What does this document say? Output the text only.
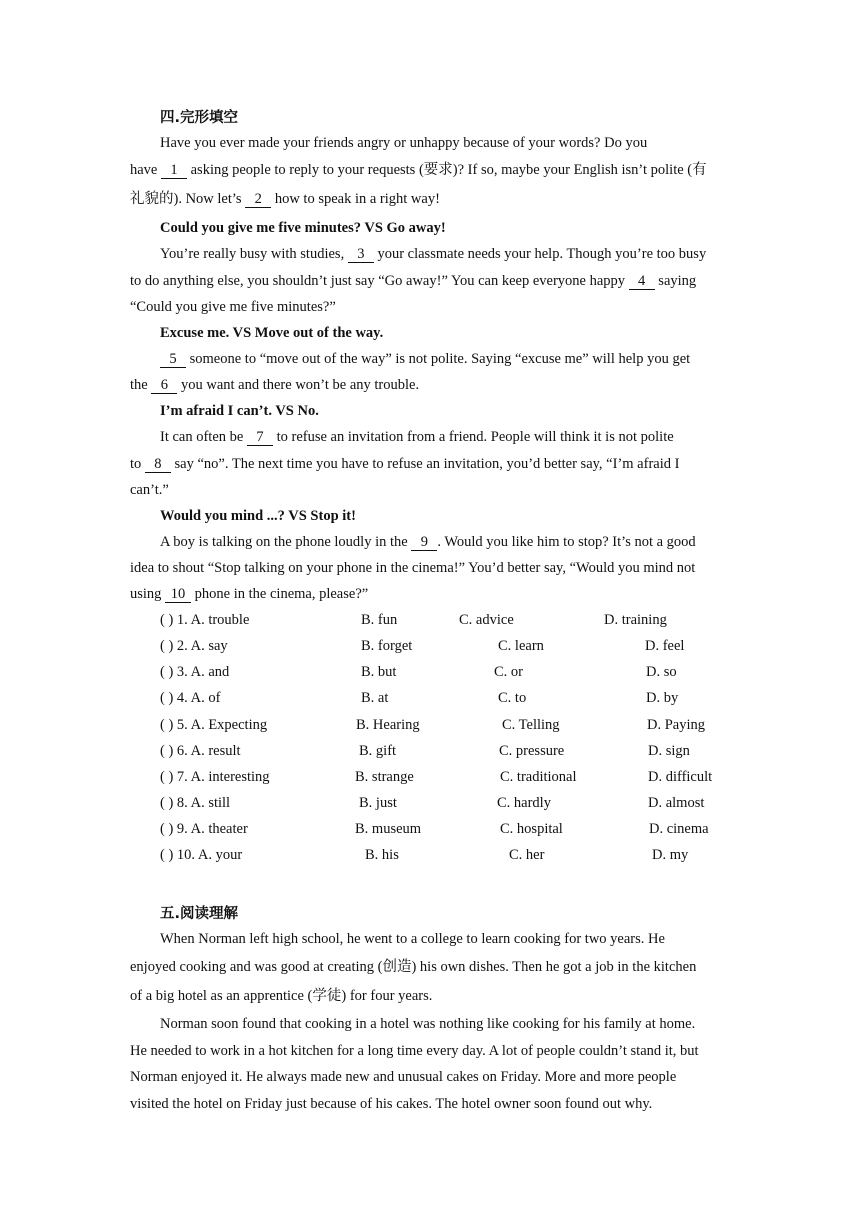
四.完形填空
Have you ever made your friends angry or unhappy because of your words? Do you
have 1 asking people to reply to your requests (要求)? If so, maybe your English isn’t polite (有
礼貌的). Now let’s 2 how to speak in a right way!
Could you give me five minutes? VS Go away!
You’re really busy with studies, 3 your classmate needs your help. Though you’re too busy
to do anything else, you shouldn’t just say “Go away!” You can keep everyone happy 4 saying
“Could you give me five minutes?”
Excuse me. VS Move out of the way.
5 someone to “move out of the way” is not polite. Saying “excuse me” will help you get
the 6 you want and there won’t be any trouble.
I’m afraid I can’t. VS No.
It can often be 7 to refuse an invitation from a friend. People will think it is not polite
to 8 say “no”. The next time you have to refuse an invitation, you’d better say, “I’m afraid I
can’t.”
Would you mind ...? VS Stop it!
A boy is talking on the phone loudly in the 9 . Would you like him to stop? It’s not a good
idea to shout “Stop talking on your phone in the cinema!” You’d better say, “Would you mind not
using 10 phone in the cinema, please?”
( ) 1. A. trouble	B. fun	C. advice	D. training
( ) 2. A. say	B. forget	C. learn	D. feel
( ) 3. A. and	B. but	C. or	D. so
( ) 4. A. of	B. at	C. to	D. by
( ) 5. A. Expecting	B. Hearing	C. Telling	D. Paying
( ) 6. A. result	B. gift	C. pressure	D. sign
( ) 7. A. interesting	B. strange	C. traditional	D. difficult
( ) 8. A. still	B. just	C. hardly	D. almost
( ) 9. A. theater	B. museum	C. hospital	D. cinema
( ) 10. A. your	B. his	C. her	D. my
五.阅读理解
When Norman left high school, he went to a college to learn cooking for two years. He
enjoyed cooking and was good at creating (创造) his own dishes. Then he got a job in the kitchen
of a big hotel as an apprentice (学徒) for four years.
Norman soon found that cooking in a hotel was nothing like cooking for his family at home.
He needed to work in a hot kitchen for a long time every day. A lot of people couldn’t stand it, but
Norman enjoyed it. He always made new and unusual cakes on Friday. More and more people
visited the hotel on Friday just because of his cakes. The hotel owner soon found out why.
